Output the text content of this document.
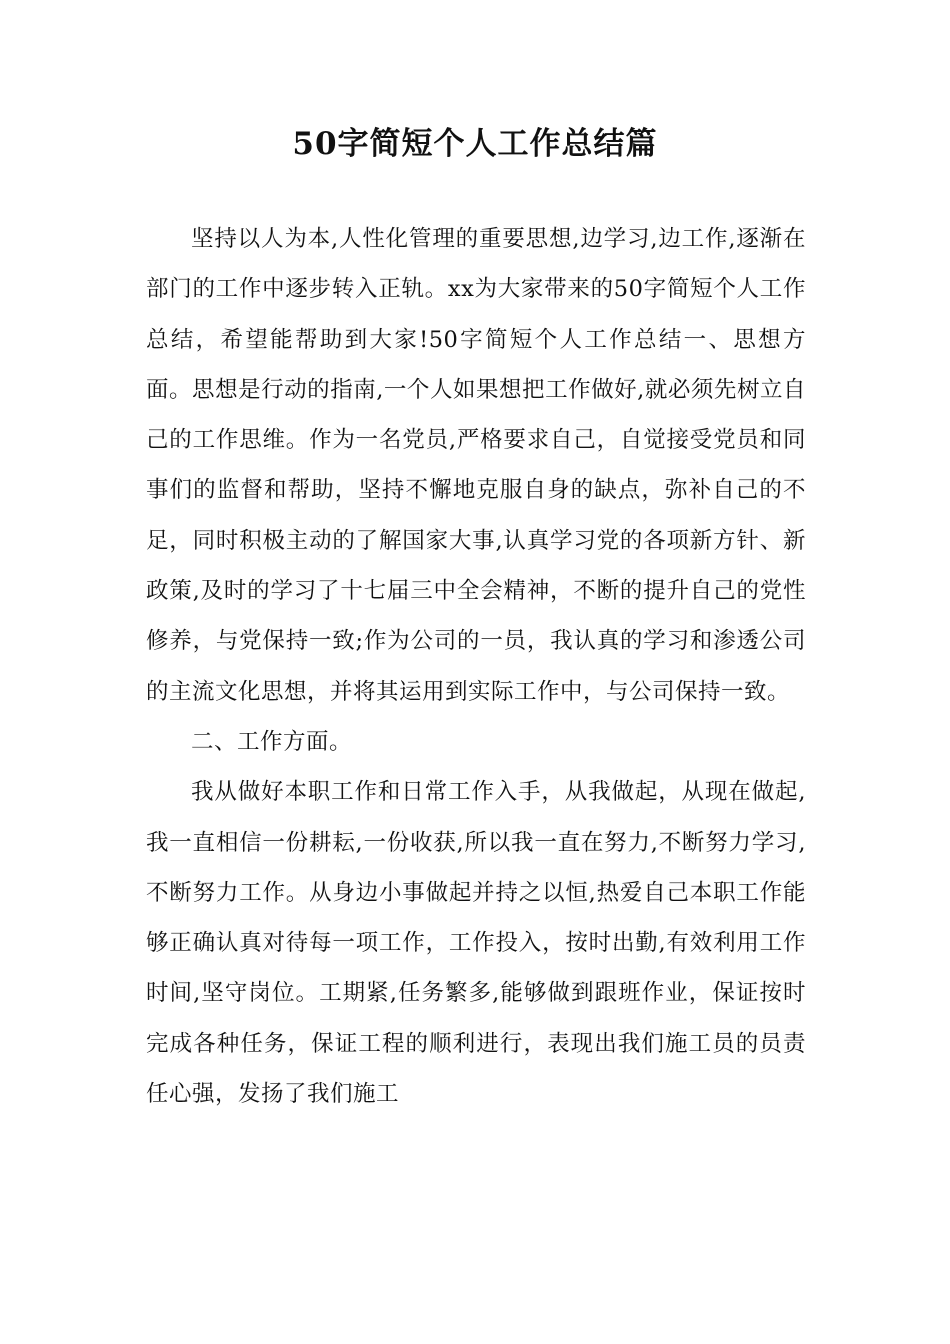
50字简短个人工作总结篇

坚持以人为本,人性化管理的重要思想,边学习,边工作,逐渐在部门的工作中逐步转入正轨。xx为大家带来的50字简短个人工作总结，希望能帮助到大家!50字简短个人工作总结一、思想方面。思想是行动的指南,一个人如果想把工作做好,就必须先树立自己的工作思维。作为一名党员,严格要求自己，自觉接受党员和同事们的监督和帮助，坚持不懈地克服自身的缺点，弥补自己的不足，同时积极主动的了解国家大事,认真学习党的各项新方针、新政策,及时的学习了十七届三中全会精神，不断的提升自己的党性修养，与党保持一致;作为公司的一员，我认真的学习和渗透公司的主流文化思想，并将其运用到实际工作中，与公司保持一致。

二、工作方面。

我从做好本职工作和日常工作入手，从我做起，从现在做起,我一直相信一份耕耘,一份收获,所以我一直在努力,不断努力学习,不断努力工作。从身边小事做起并持之以恒,热爱自己本职工作能够正确认真对待每一项工作，工作投入，按时出勤,有效利用工作时间,坚守岗位。工期紧,任务繁多,能够做到跟班作业，保证按时完成各种任务，保证工程的顺利进行，表现出我们施工员的员责任心强，发扬了我们施工
